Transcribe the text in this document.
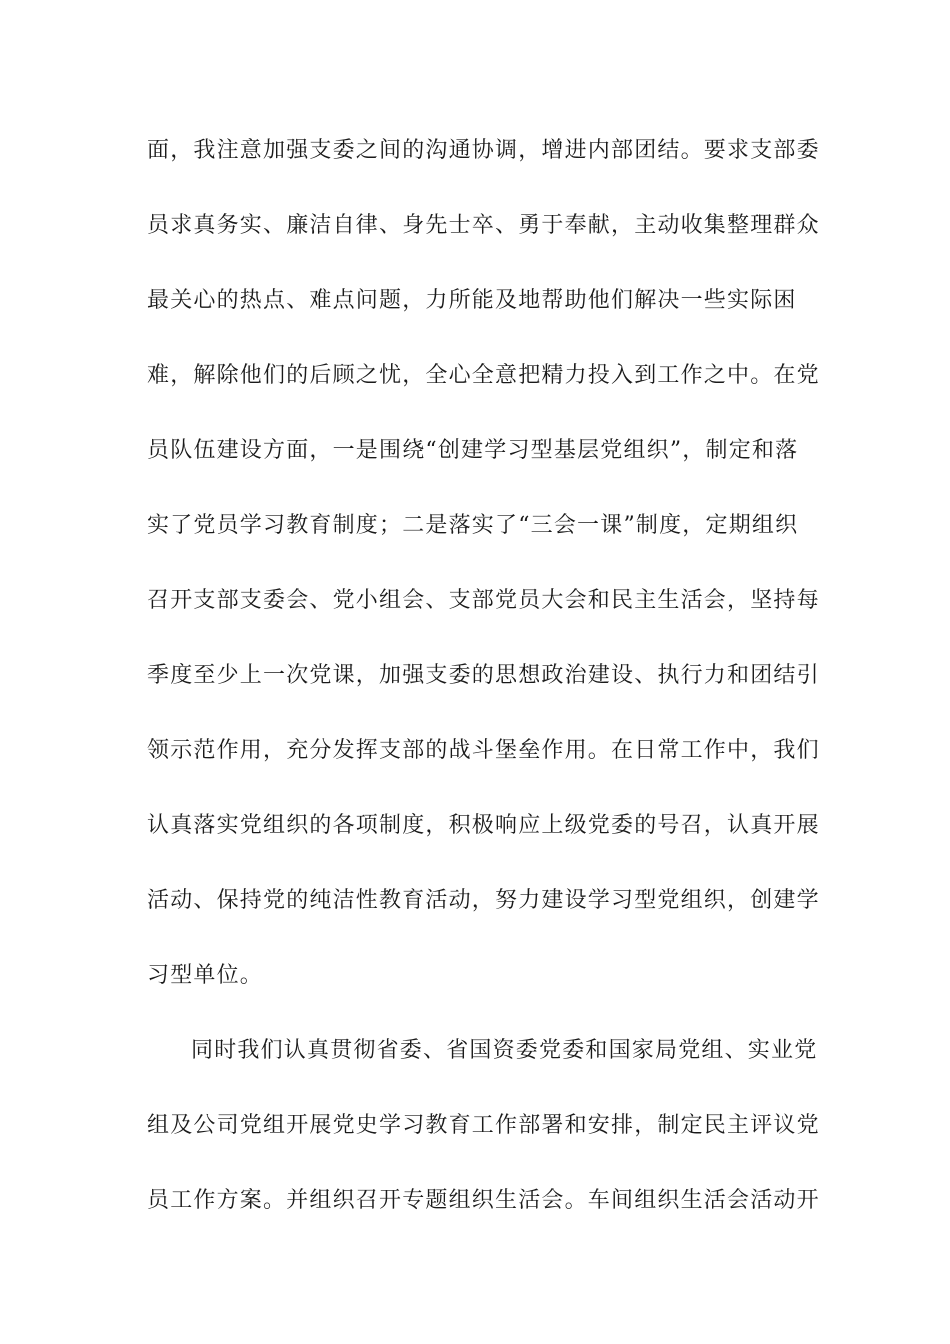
面，我注意加强支委之间的沟通协调，增进内部团结。要求支部委
员求真务实、廉洁自律、身先士卒、勇于奉献，主动收集整理群众
最关心的热点、难点问题，力所能及地帮助他们解决一些实际困
难，解除他们的后顾之忧，全心全意把精力投入到工作之中。在党
员队伍建设方面，一是围绕“创建学习型基层党组织”，制定和落
实了党员学习教育制度；二是落实了“三会一课”制度，定期组织
召开支部支委会、党小组会、支部党员大会和民主生活会，坚持每
季度至少上一次党课，加强支委的思想政治建设、执行力和团结引
领示范作用，充分发挥支部的战斗堡垒作用。在日常工作中，我们
认真落实党组织的各项制度，积极响应上级党委的号召，认真开展
活动、保持党的纯洁性教育活动，努力建设学习型党组织，创建学
习型单位。
同时我们认真贯彻省委、省国资委党委和国家局党组、实业党
组及公司党组开展党史学习教育工作部署和安排，制定民主评议党
员工作方案。并组织召开专题组织生活会。车间组织生活会活动开
